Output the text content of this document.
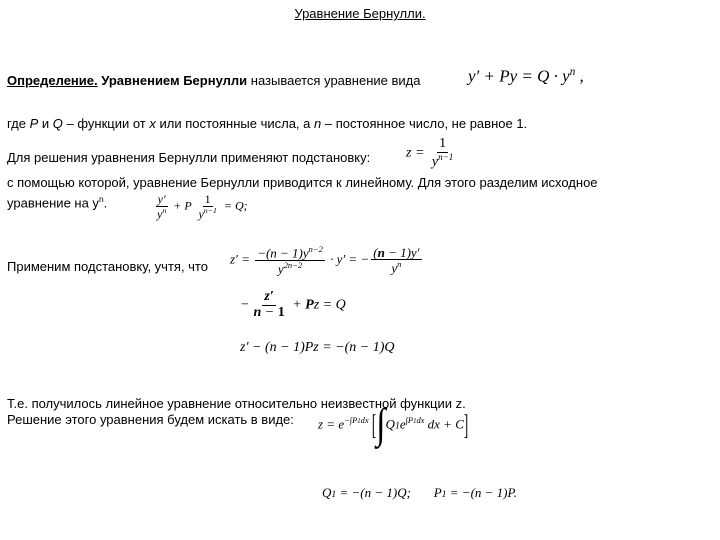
Уравнение Бернулли.
Определение. Уравнением Бернулли называется уравнение вида	$y' + Py = Q \cdot y^n$ ,
где P и Q – функции от x или постоянные числа, а n – постоянное число, не равное 1.
Для решения уравнения Бернулли применяют подстановку:	$z = \frac{1}{y^{n-1}}$
с помощью которой, уравнение Бернулли приводится к линейному. Для этого разделим исходное
уравнение на $y^n$.	$\frac{y'}{y^n} + P \frac{1}{y^{n-1}} = Q$;
Применим подстановку, учтя, что
$z' = \frac{-(n - 1)y^{n-2}}{y^{2n-2}} \cdot y'$ = − $\frac{(n - 1)y'}{y^n}$
− $\frac{z'}{n - 1} + Pz = Q$
z′ − (n − 1)Pz = −(n − 1)Q
Т.е. получилось линейное уравнение относительно неизвестной функции z.
Решение этого уравнения будем искать в виде: $z = e^{-\int P1dx}$ [$\int Q1e^{\int P1dx}$ dx + C]
Q1 = −(n − 1)Q;       P1 = −(n − 1)P.
